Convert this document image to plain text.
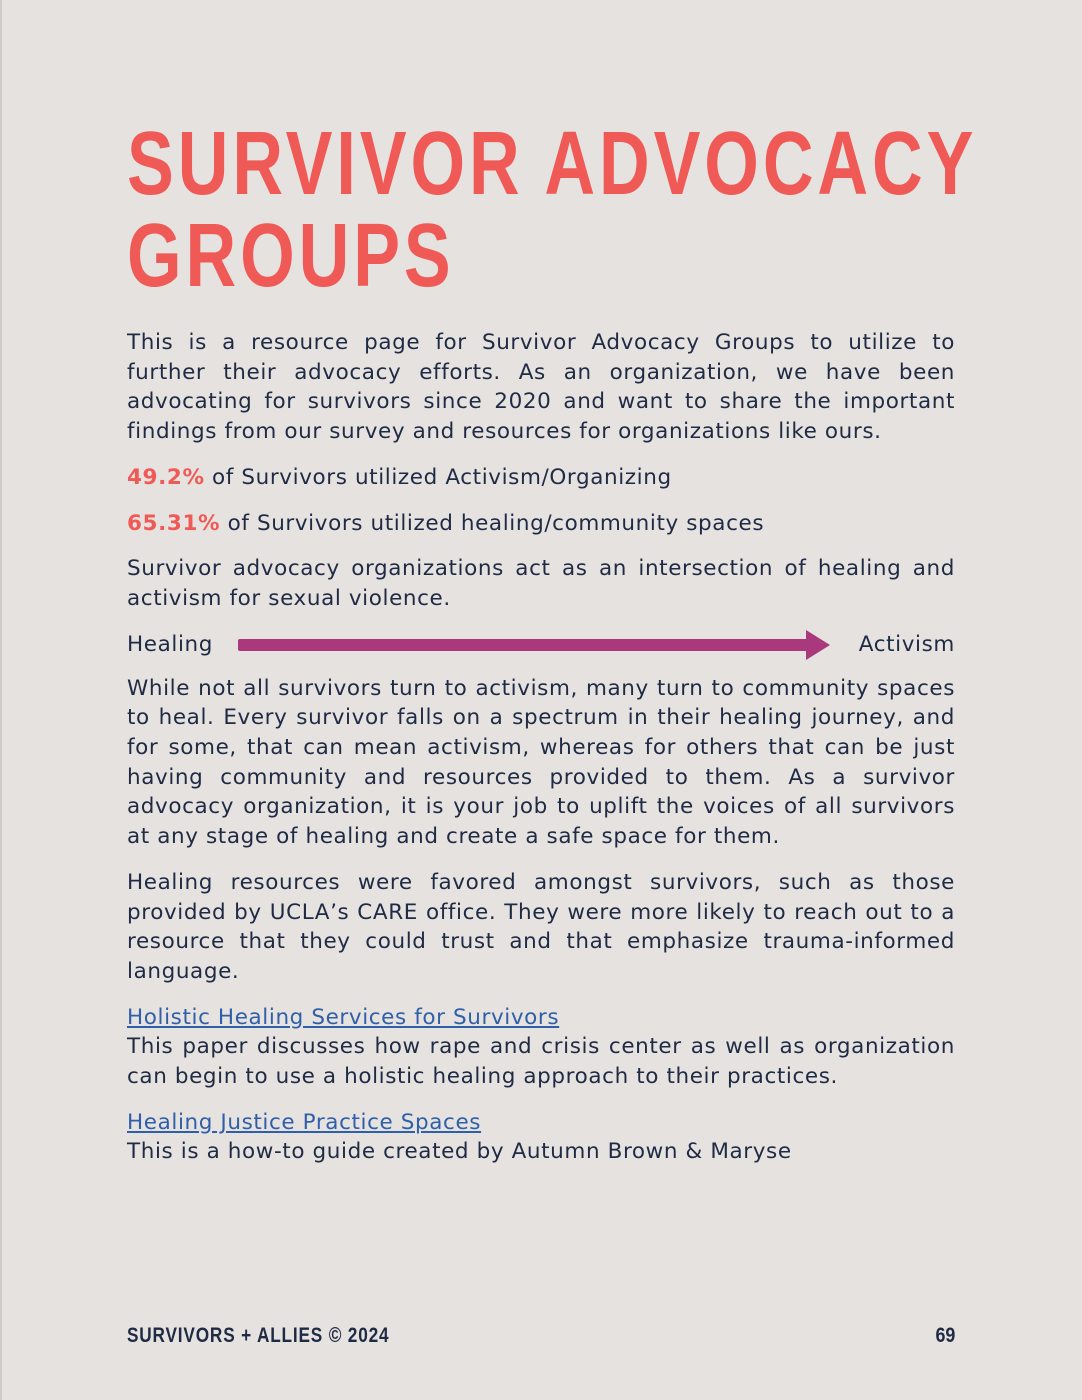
SURVIVOR ADVOCACY
GROUPS

This is a resource page for Survivor Advocacy Groups to utilize to further their advocacy efforts. As an organization, we have been advocating for survivors since 2020 and want to share the important findings from our survey and resources for organizations like ours.

49.2% of Survivors utilized Activism/Organizing

65.31% of Survivors utilized healing/community spaces

Survivor advocacy organizations act as an intersection of healing and activism for sexual violence.

Healing	Activism

While not all survivors turn to activism, many turn to community spaces to heal. Every survivor falls on a spectrum in their healing journey, and for some, that can mean activism, whereas for others that can be just having community and resources provided to them. As a survivor advocacy organization, it is your job to uplift the voices of all survivors at any stage of healing and create a safe space for them.

Healing resources were favored amongst survivors, such as those provided by UCLA’s CARE office. They were more likely to reach out to a resource that they could trust and that emphasize trauma-informed language.

Holistic Healing Services for Survivors
This paper discusses how rape and crisis center as well as organization can begin to use a holistic healing approach to their practices.
Healing Justice Practice Spaces
This is a how-to guide created by Autumn Brown & Maryse
SURVIVORS + ALLIES © 2024	69
